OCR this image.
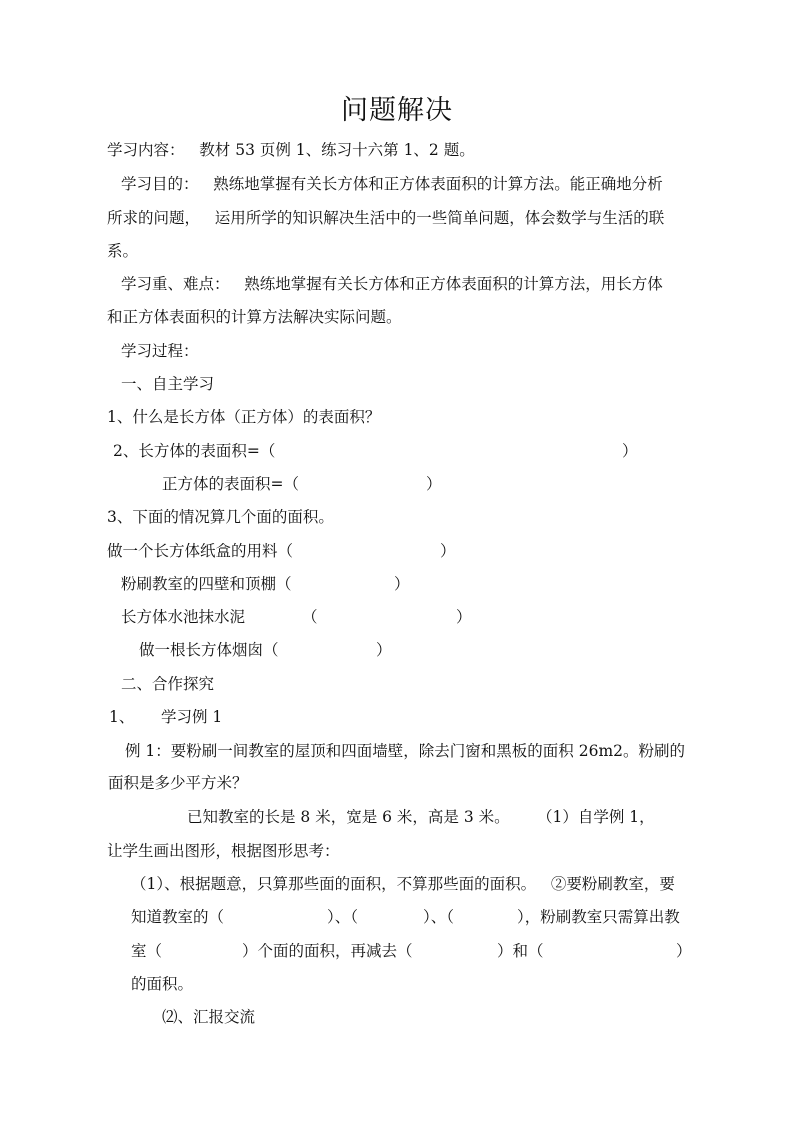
问题解决
学习内容：   教材 53 页例 1、练习十六第 1、2 题。
学习目的：   熟练地掌握有关长方体和正方体表面积的计算方法。能正确地分析
所求的问题，   运用所学的知识解决生活中的一些简单问题，体会数学与生活的联
系。
学习重、难点：   熟练地掌握有关长方体和正方体表面积的计算方法，用长方体
和正方体表面积的计算方法解决实际问题。
学习过程：
一、自主学习
1、什么是长方体（正方体）的表面积？
2、长方体的表面积=（	）
正方体的表面积=（	）
3、下面的情况算几个面的面积。
做一个长方体纸盒的用料（	）
粉刷教室的四壁和顶棚（	）
长方体水池抹水泥	（	）
做一根长方体烟囱（	）
二、合作探究
1、 学习例 1
例 1：要粉刷一间教室的屋顶和四面墙壁，除去门窗和黑板的面积 26m2。粉刷的
面积是多少平方米？
已知教室的长是 8 米，宽是 6 米，高是 3 米。 （1）自学例 1，
让学生画出图形，根据图形思考：
（1）、根据题意，只算那些面的面积，不算那些面的面积。   ②要粉刷教室，要
知道教室的（	）、（	）、（	），粉刷教室只需算出教
室（	）个面的面积，再减去（	）和（	）
的面积。
⑵、汇报交流
